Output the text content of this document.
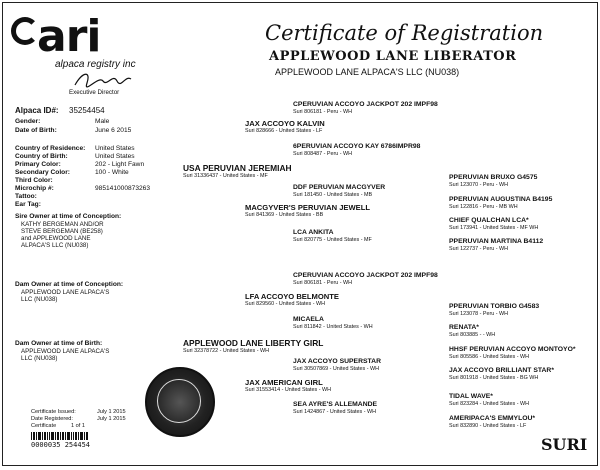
ari
alpaca registry inc
Executive Director
Certificate of Registration
APPLEWOOD LANE LIBERATOR
APPLEWOOD LANE ALPACA'S LLC (NU038)
Alpaca ID#: 35254454
Gender:	Male
Date of Birth:	June 6 2015
Country of Residence: United States
Country of Birth:	United States
Primary Color:	202 - Light Fawn
Secondary Color:	100 - White
Third Color:
Microchip #:	985141000873263
Tattoo:
Ear Tag:
Sire Owner at time of Conception:
KATHY BERGEMAN AND/OR
STEVE BERGEMAN (BE258)
and APPLEWOOD LANE
ALPACA'S LLC (NU038)
Dam Owner at time of Conception:
APPLEWOOD LANE ALPACA'S
LLC (NU038)
Dam Owner at time of Birth:
APPLEWOOD LANE ALPACA'S
LLC (NU038)
Certificate Issued:	July 1 2015
Date Registered:	July 1 2015
Certificate	1 of 1
0000035 254454
CPERUVIAN ACCOYO JACKPOT 202 IMPF98
Suri 806181 - Peru - WH
JAX ACCOYO KALVIN
Suri 828666 - United States - LF
6PERUVIAN ACCOYO KAY 6786IMPR98
Suri 808487 - Peru - WH
USA PERUVIAN JEREMIAH
Suri 31336437 - United States - MF
DDF PERUVIAN MACGYVER
Suri 181450 - United States - MB
MACGYVER'S PERUVIAN JEWELL
Suri 841369 - United States - BB
LCA ANKITA
Suri 820775 - United States - MF
PPERUVIAN BRUXO G4575
Suri 123070 - Peru - WH
PPERUVIAN AUGUSTINA B4195
Suri 122816 - Peru - MB WH
CHIEF QUALCHAN LCA*
Suri 173941 - United States - MF WH
PPERUVIAN MARTINA B4112
Suri 122737 - Peru - WH
CPERUVIAN ACCOYO JACKPOT 202 IMPF98
Suri 806181 - Peru - WH
LFA ACCOYO BELMONTE
Suri 829560 - United States - WH
MICAELA
Suri 811842 - United States - WH
APPLEWOOD LANE LIBERTY GIRL
Suri 32378722 - United States - WH
JAX ACCOYO SUPERSTAR
Suri 30507869 - United States - WH
JAX AMERICAN GIRL
Suri 31553414 - United States - WH
SEA AYRE'S ALLEMANDE
Suri 1424867 - United States - WH
PPERUVIAN TORBIO G4583
Suri 123078 - Peru - WH
RENATA*
Suri 803885 - - WH
HHSF PERUVIAN ACCOYO MONTOYO*
Suri 805586 - United States - WH
JAX ACCOYO BRILLIANT STAR*
Suri 801918 - United States - BG WH
TIDAL WAVE*
Suri 823284 - United States - WH
AMERIPACA'S EMMYLOU*
Suri 832890 - United States - LF
SURI
